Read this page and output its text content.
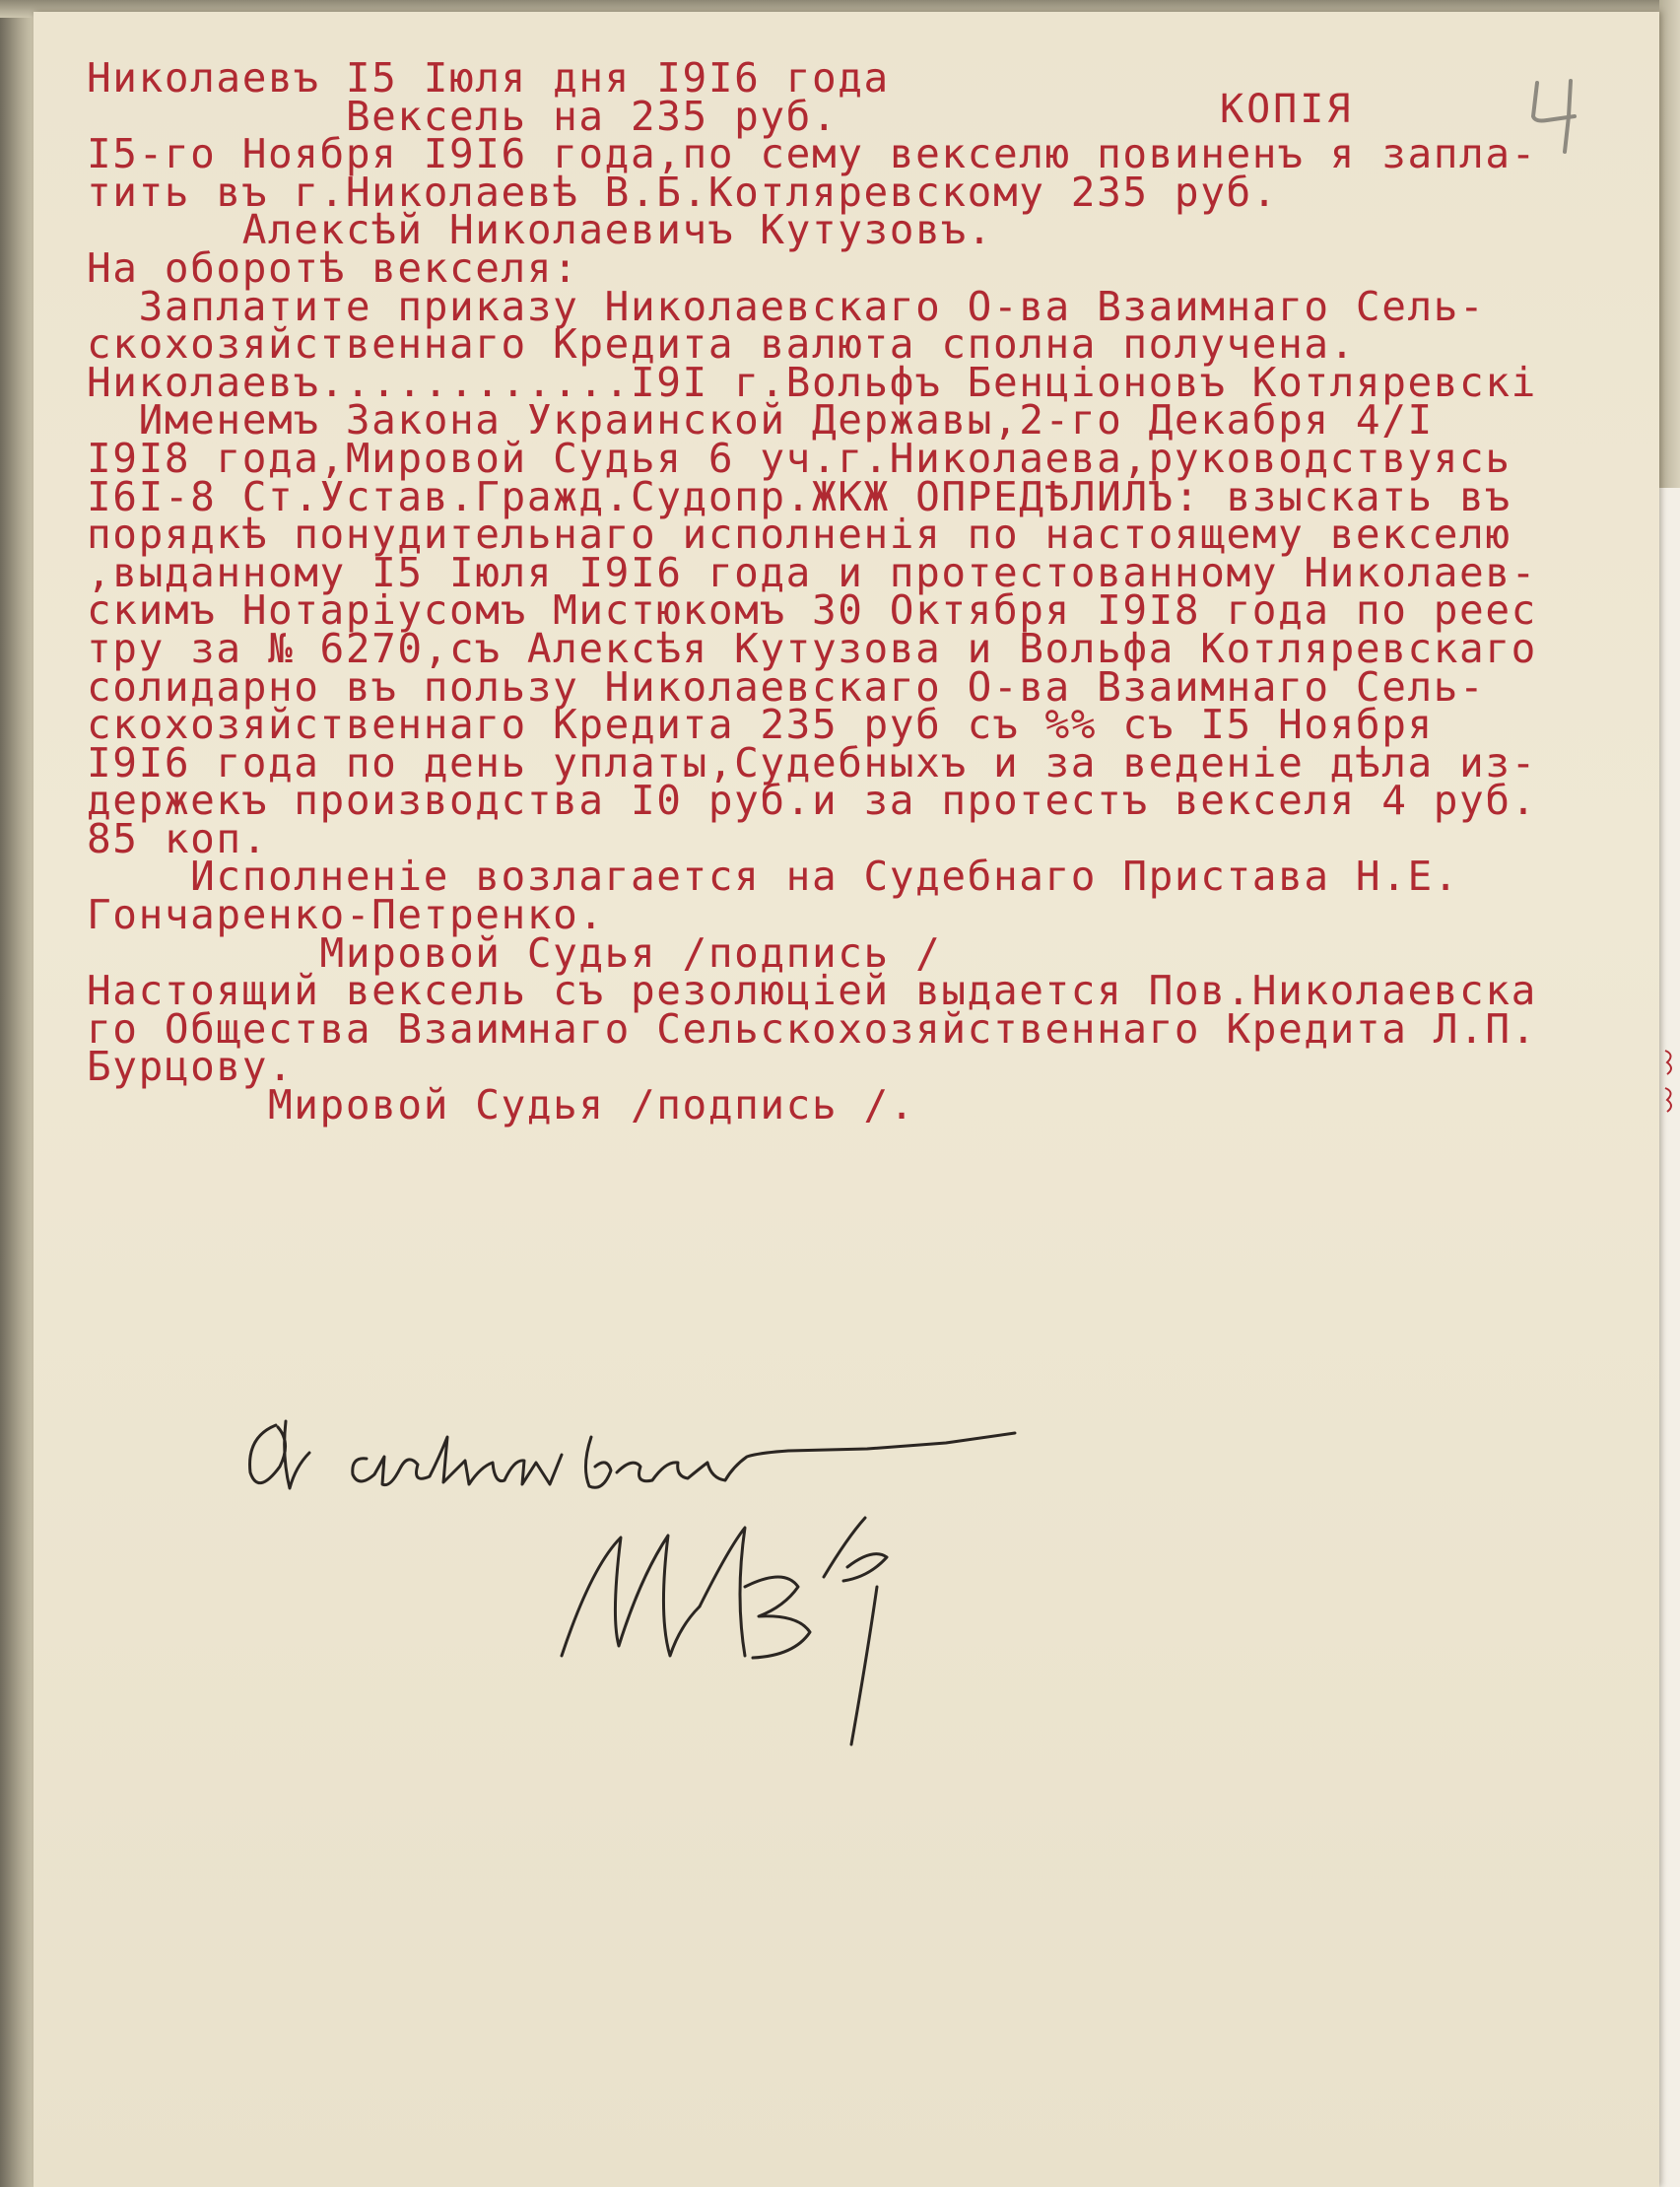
КОПІЯ
Николаевъ I5 Iюля дня I9I6 года
Вексель на 235 руб.
I5-го Ноября I9I6 года,по сему векселю повиненъ я запла-
тить въ г.Николаевѣ В.Б.Котляревскому 235 руб.
Алексѣй Николаевичъ Кутузовъ.
На оборотѣ векселя:
Заплатите приказу Николаевскаго О-ва Взаимнаго Сель-
скохозяйственнаго Кредита валюта сполна получена.
Николаевъ............I9I г.Вольфъ Бенціоновъ Котляревскі
Именемъ Закона Украинской Державы,2-го Декабря 4/I
I9I8 года,Мировой Судья 6 уч.г.Николаева,руководствуясь
I6I-8 Ст.Устав.Гражд.Судопр.ЖКЖ ОПРЕДѢЛИЛЪ: взыскать въ
порядкѣ понудительнаго исполненія по настоящему векселю
,выданному I5 Iюля I9I6 года и протестованному Николаев-
скимъ Нотаріусомъ Мистюкомъ 30 Октября I9I8 года по реес
тру за № 6270,съ Алексѣя Кутузова и Вольфа Котляревскаго
солидарно въ пользу Николаевскаго О-ва Взаимнаго Сель-
скохозяйственнаго Кредита 235 руб съ %% съ I5 Ноября
I9I6 года по день уплаты,Судебныхъ и за веденіе дѣла из-
держекъ производства I0 руб.и за протестъ векселя 4 руб.
85 коп.
Исполненіе возлагается на Судебнаго Пристава Н.Е.
Гончаренко-Петренко.
Мировой Судья /подпись /
Настоящий вексель съ резолюціей выдается Пов.Николаевска
го Общества Взаимнаго Сельскохозяйственнаго Кредита Л.П.
Бурцову.
Мировой Судья /подпись /.
